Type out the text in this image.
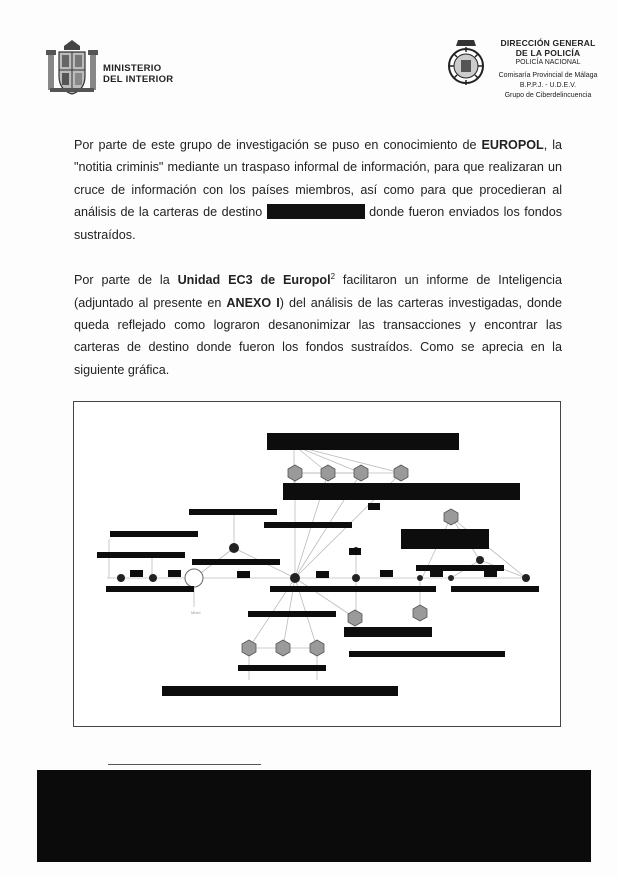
MINISTERIO
DEL INTERIOR
DIRECCIÓN GENERAL
DE LA POLICÍA
POLICÍA NACIONAL
Comisaría Provincial de Málaga
B.P.P.J. - U.D.E.V.
Grupo de Ciberdelincuencia
Por parte de este grupo de investigación se puso en conocimiento de EUROPOL, la "notitia criminis" mediante un traspaso informal de información, para que realizaran un cruce de información con los países miembros, así como para que procedieran al análisis de la carteras de destino	donde fueron enviados los fondos sustraídos.
Por parte de la Unidad EC3 de Europol$^2$ facilitaron un informe de Inteligencia (adjuntado al presente en ANEXO I) del análisis de las carteras investigadas, donde queda reflejado como lograron desanonimizar las transacciones y encontrar las carteras de destino donde fueron los fondos sustraídos. Como se aprecia en la siguiente gráfica.
Mixer
